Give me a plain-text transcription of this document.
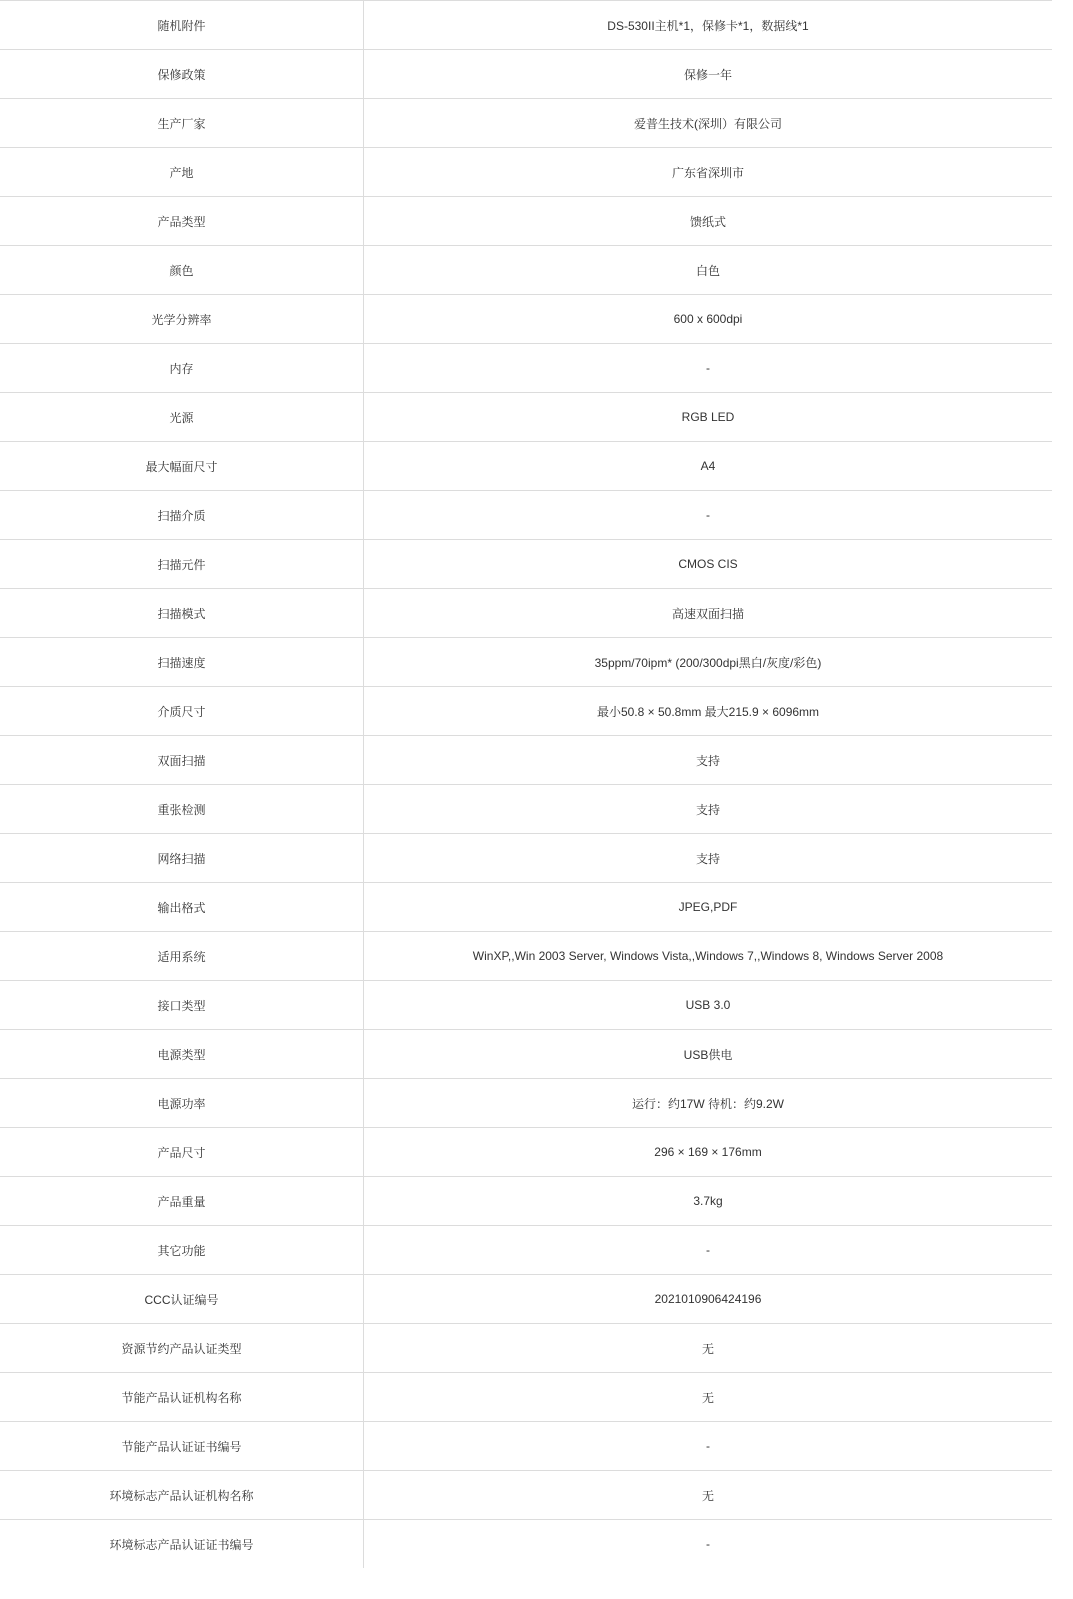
随机附件	DS-530II主机*1，保修卡*1，数据线*1
保修政策	保修一年
生产厂家	爱普生技术(深圳）有限公司
产地	广东省深圳市
产品类型	馈纸式
颜色	白色
光学分辨率	600 x 600dpi
内存	-
光源	RGB LED
最大幅面尺寸	A4
扫描介质	-
扫描元件	CMOS CIS
扫描模式	高速双面扫描
扫描速度	35ppm/70ipm* (200/300dpi黑白/灰度/彩色)
介质尺寸	最小50.8 × 50.8mm 最大215.9 × 6096mm
双面扫描	支持
重张检测	支持
网络扫描	支持
输出格式	JPEG,PDF
适用系统	WinXP,,Win 2003 Server, Windows Vista,,Windows 7,,Windows 8, Windows Server 2008
接口类型	USB 3.0
电源类型	USB供电
电源功率	运行：约17W 待机：约9.2W
产品尺寸	296 × 169 × 176mm
产品重量	3.7kg
其它功能	-
CCC认证编号	2021010906424196
资源节约产品认证类型	无
节能产品认证机构名称	无
节能产品认证证书编号	-
环境标志产品认证机构名称	无
环境标志产品认证证书编号	-
